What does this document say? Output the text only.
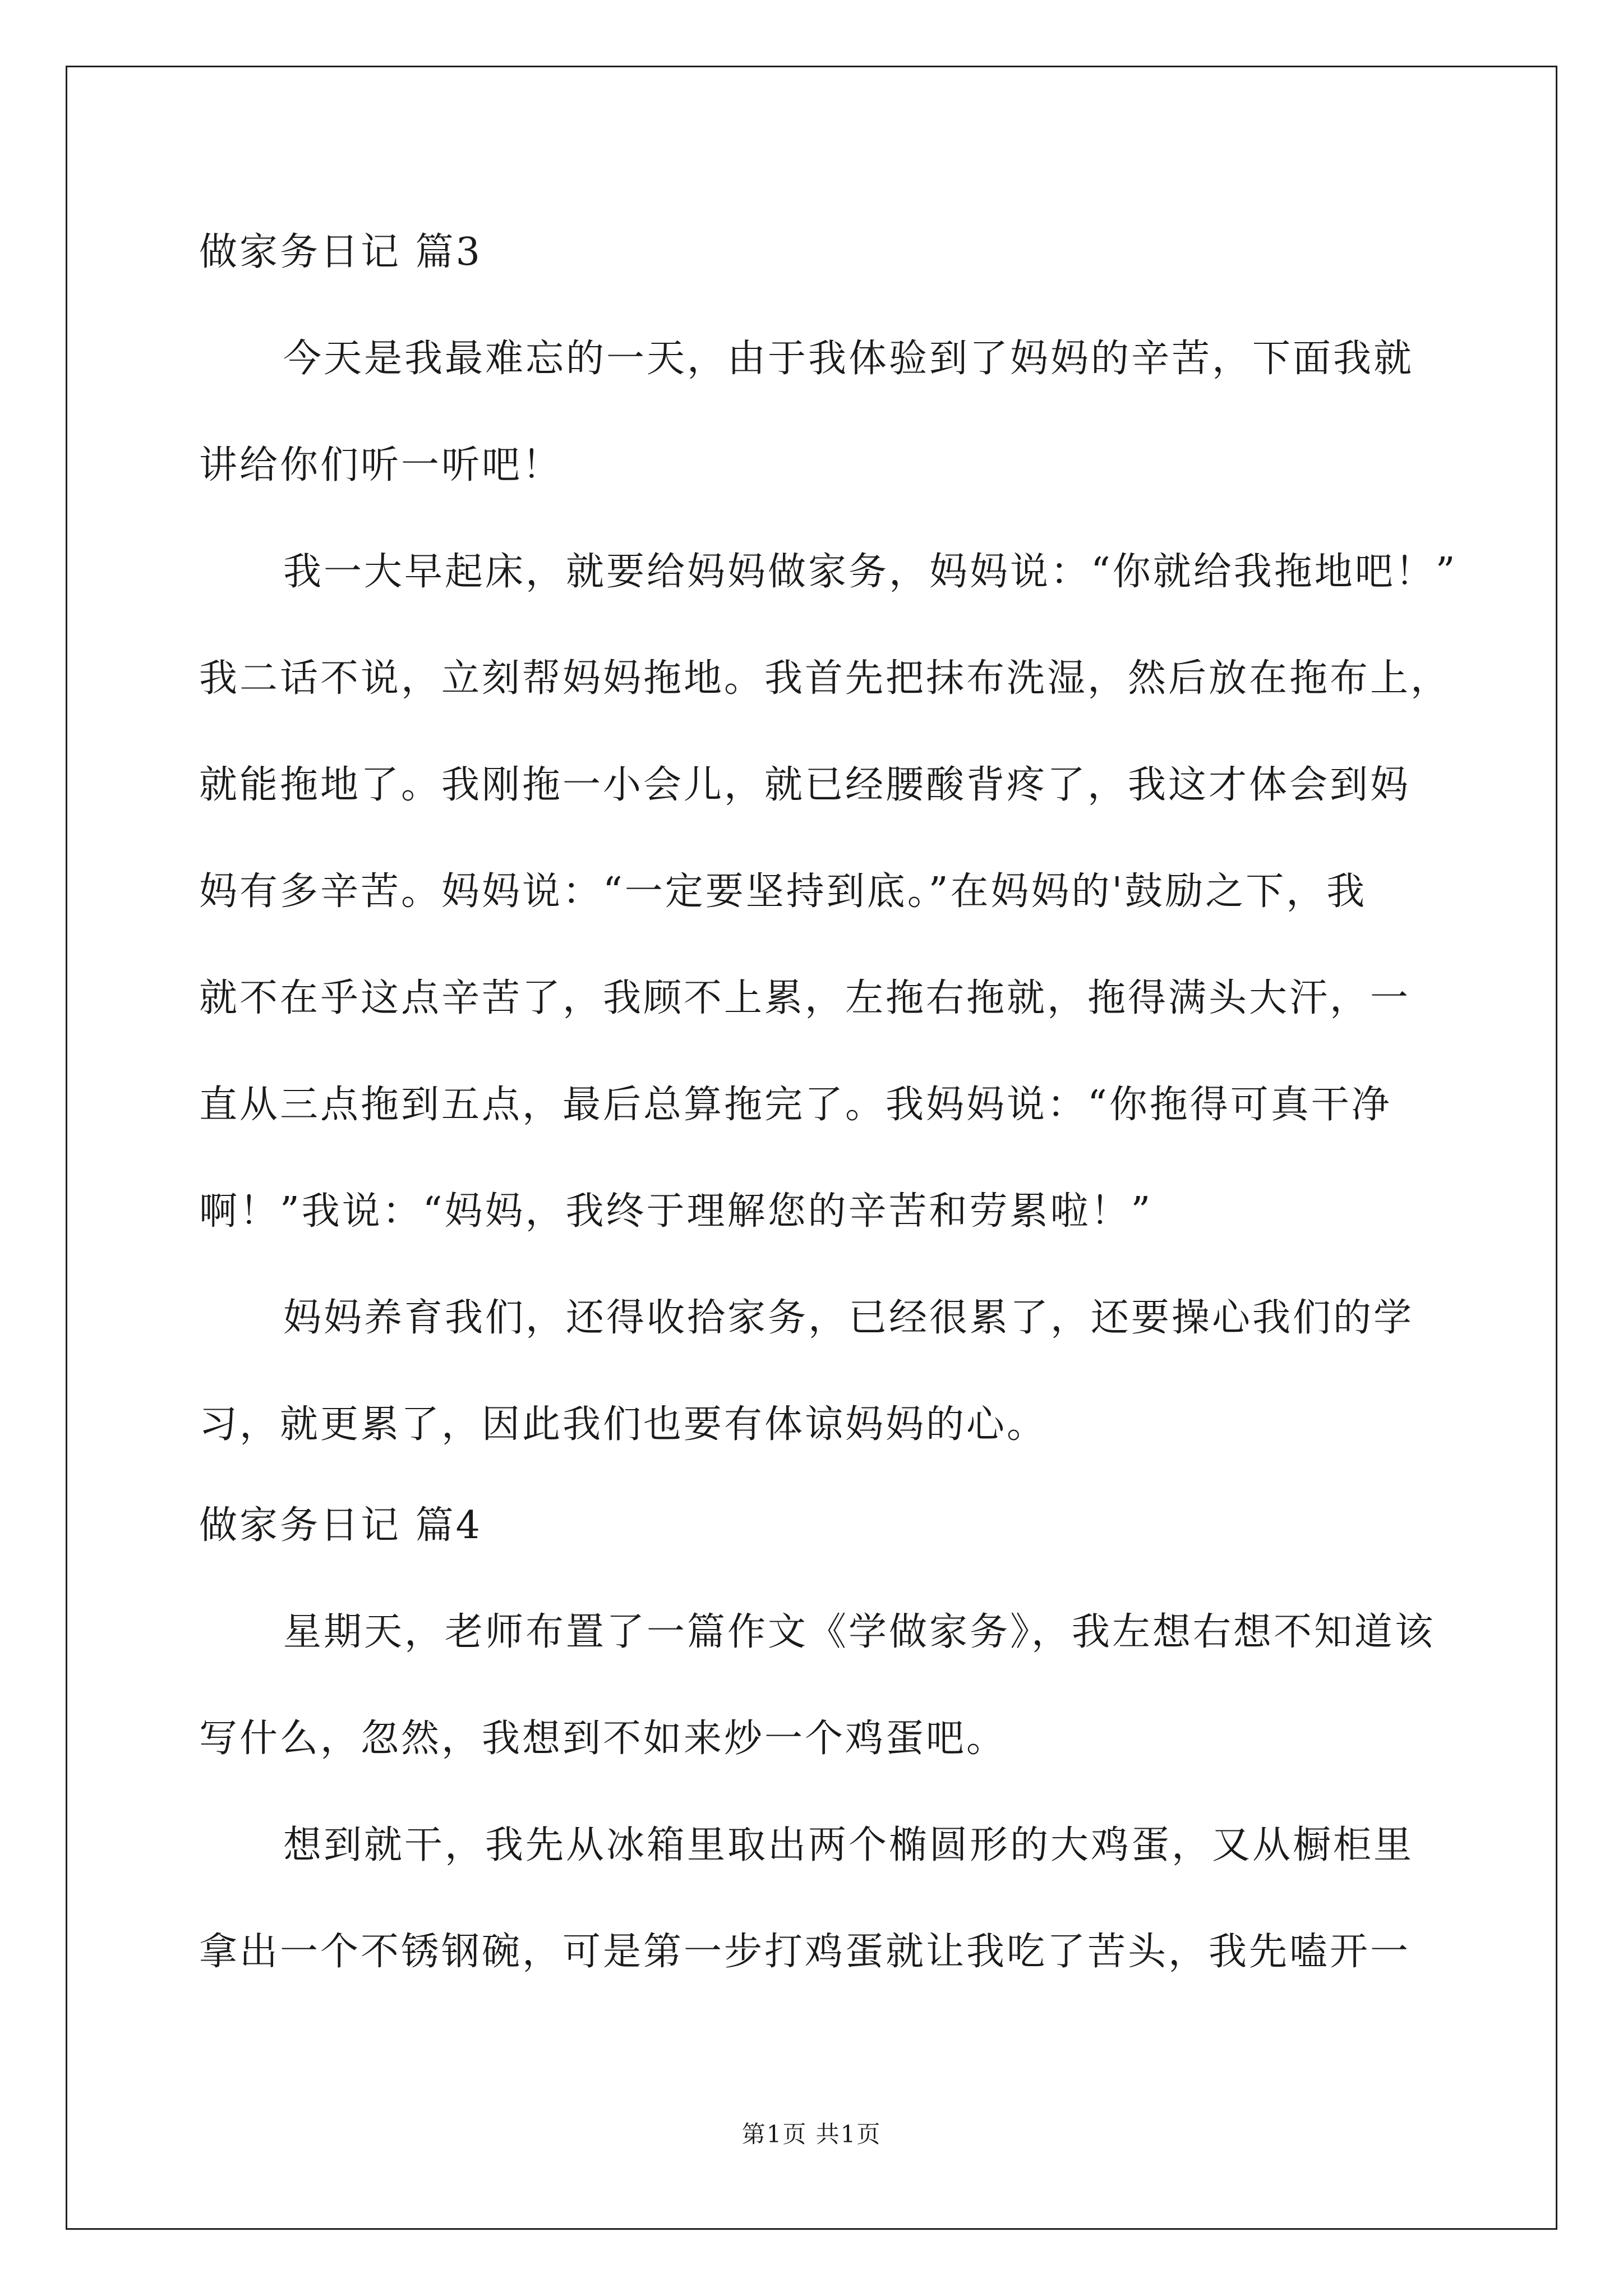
做家务日记 篇3
今天是我最难忘的一天，由于我体验到了妈妈的辛苦，下面我就
讲给你们听一听吧！
我一大早起床，就要给妈妈做家务，妈妈说：“你就给我拖地吧！”
我二话不说，立刻帮妈妈拖地。我首先把抹布洗湿，然后放在拖布上，
就能拖地了。我刚拖一小会儿，就已经腰酸背疼了，我这才体会到妈
妈有多辛苦。妈妈说：“一定要坚持到底。”在妈妈的'鼓励之下，我
就不在乎这点辛苦了，我顾不上累，左拖右拖就，拖得满头大汗，一
直从三点拖到五点，最后总算拖完了。我妈妈说：“你拖得可真干净
啊！”我说：“妈妈，我终于理解您的辛苦和劳累啦！”
妈妈养育我们，还得收拾家务，已经很累了，还要操心我们的学
习，就更累了，因此我们也要有体谅妈妈的心。
做家务日记 篇4
星期天，老师布置了一篇作文《学做家务》，我左想右想不知道该
写什么，忽然，我想到不如来炒一个鸡蛋吧。
想到就干，我先从冰箱里取出两个椭圆形的大鸡蛋，又从橱柜里
拿出一个不锈钢碗，可是第一步打鸡蛋就让我吃了苦头，我先嗑开一
第1页 共1页
